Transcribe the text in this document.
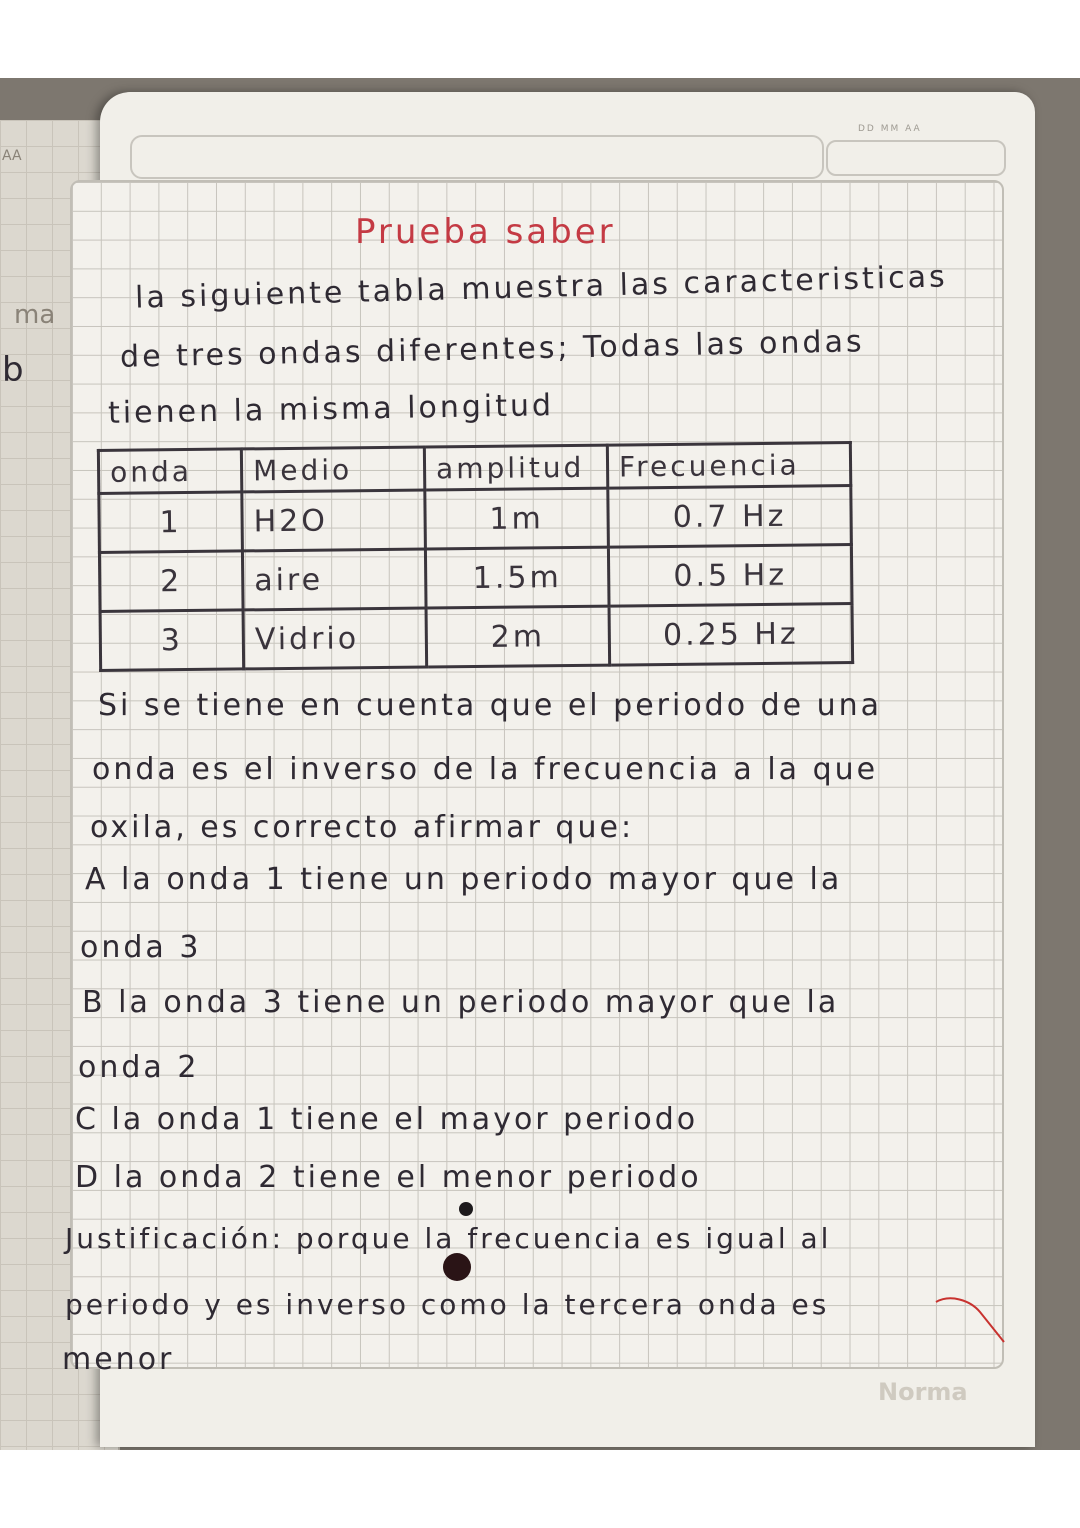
AA
ma
b
DD MM AA
Prueba saber
la siguiente tabla muestra las caracteristicas
de tres ondas diferentes; Todas las ondas
tienen la misma longitud
onda	Medio	amplitud	Frecuencia
1	H2O	1m	0.7 Hz
2	aire	1.5m	0.5 Hz
3	Vidrio	2m	0.25 Hz
Si se tiene en cuenta que el periodo de una
onda es el inverso de la frecuencia a la que
oxila, es correcto afirmar que:
A la onda 1 tiene un periodo mayor que la
onda 3
B la onda 3 tiene un periodo mayor que la
onda 2
C la onda 1 tiene el mayor periodo
D la onda 2 tiene el menor periodo
Justificación: porque la frecuencia es igual al
periodo y es inverso como la tercera onda es
menor
Norma
